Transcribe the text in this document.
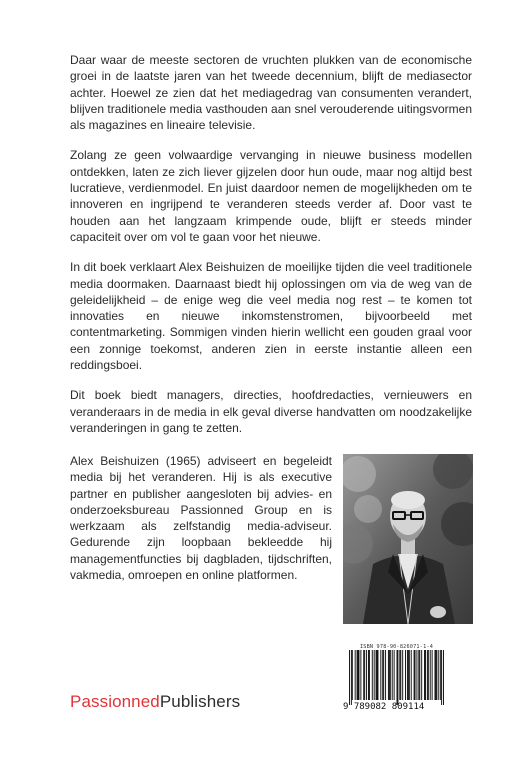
Daar waar de meeste sectoren de vruchten plukken van de economische groei in de laatste jaren van het tweede decennium, blijft de mediasector achter. Hoewel ze zien dat het mediagedrag van consumenten verandert, blijven traditionele media vasthouden aan snel verouderende uitingsvormen als magazines en lineaire televisie.

Zolang ze geen volwaardige vervanging in nieuwe business modellen ontdekken, laten ze zich liever gijzelen door hun oude, maar nog altijd best lucratieve, verdienmodel. En juist daardoor nemen de mogelijkheden om te innoveren en ingrijpend te veranderen steeds verder af. Door vast te houden aan het langzaam krimpende oude, blijft er steeds minder capaciteit over om vol te gaan voor het nieuwe.

In dit boek verklaart Alex Beishuizen de moeilijke tijden die veel traditionele media doormaken. Daarnaast biedt hij oplossingen om via de weg van de geleidelijkheid – de enige weg die veel media nog rest – te komen tot innovaties en nieuwe inkomstenstromen, bijvoorbeeld met contentmarketing. Sommigen vinden hierin wellicht een gouden graal voor een zonnige toekomst, anderen zien in eerste instantie alleen een reddingsboei.

Dit boek biedt managers, directies, hoofdredacties, vernieuwers en veranderaars in de media in elk geval diverse handvatten om noodzakelijke veranderingen in gang te zetten.

Alex Beishuizen (1965) adviseert en begeleidt media bij het veranderen. Hij is als executive partner en publisher aangesloten bij advies- en onderzoeksbureau Passionned Group en is werkzaam als zelfstandig media-adviseur. Gedurende zijn loopbaan bekleedde hij managementfuncties bij dagbladen, tijdschriften, vakmedia, omroepen en online platformen.
ISBN 978-90-826071-1-4
9 789082 809114
PassionnedPublishers
